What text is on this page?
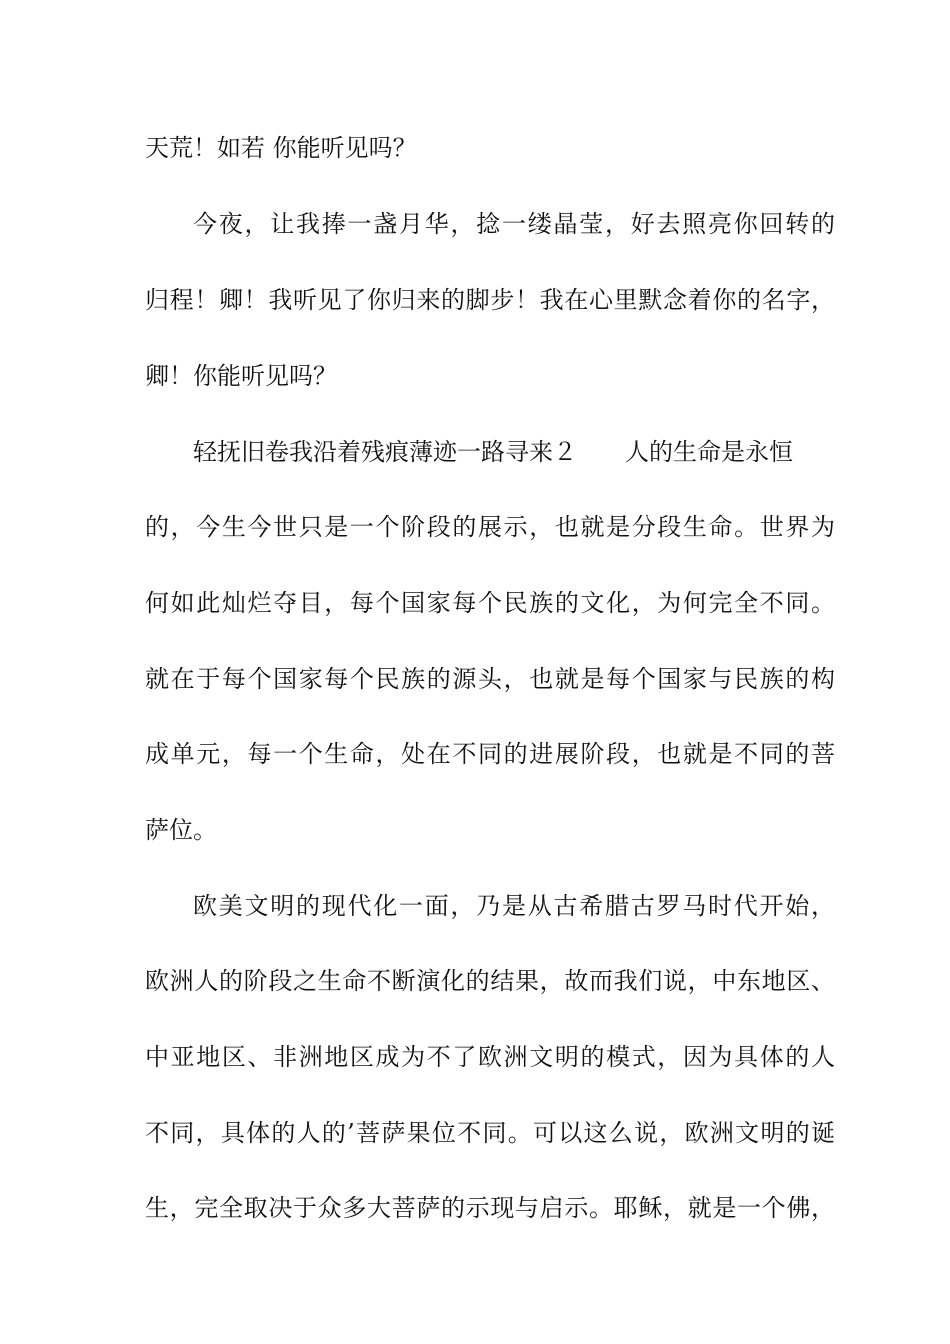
天荒！如若 你能听见吗？
今夜，让我捧一盏月华，捻一缕晶莹，好去照亮你回转的
归程！卿！我听见了你归来的脚步！我在心里默念着你的名字，
卿！你能听见吗？
轻抚旧卷我沿着残痕薄迹一路寻来２ 人的生命是永恒
的，今生今世只是一个阶段的展示，也就是分段生命。世界为
何如此灿烂夺目，每个国家每个民族的文化，为何完全不同。
就在于每个国家每个民族的源头，也就是每个国家与民族的构
成单元，每一个生命，处在不同的进展阶段，也就是不同的菩
萨位。
欧美文明的现代化一面，乃是从古希腊古罗马时代开始，
欧洲人的阶段之生命不断演化的结果，故而我们说，中东地区、
中亚地区、非洲地区成为不了欧洲文明的模式，因为具体的人
不同，具体的人的’菩萨果位不同。可以这么说，欧洲文明的诞
生，完全取决于众多大菩萨的示现与启示。耶稣，就是一个佛，
